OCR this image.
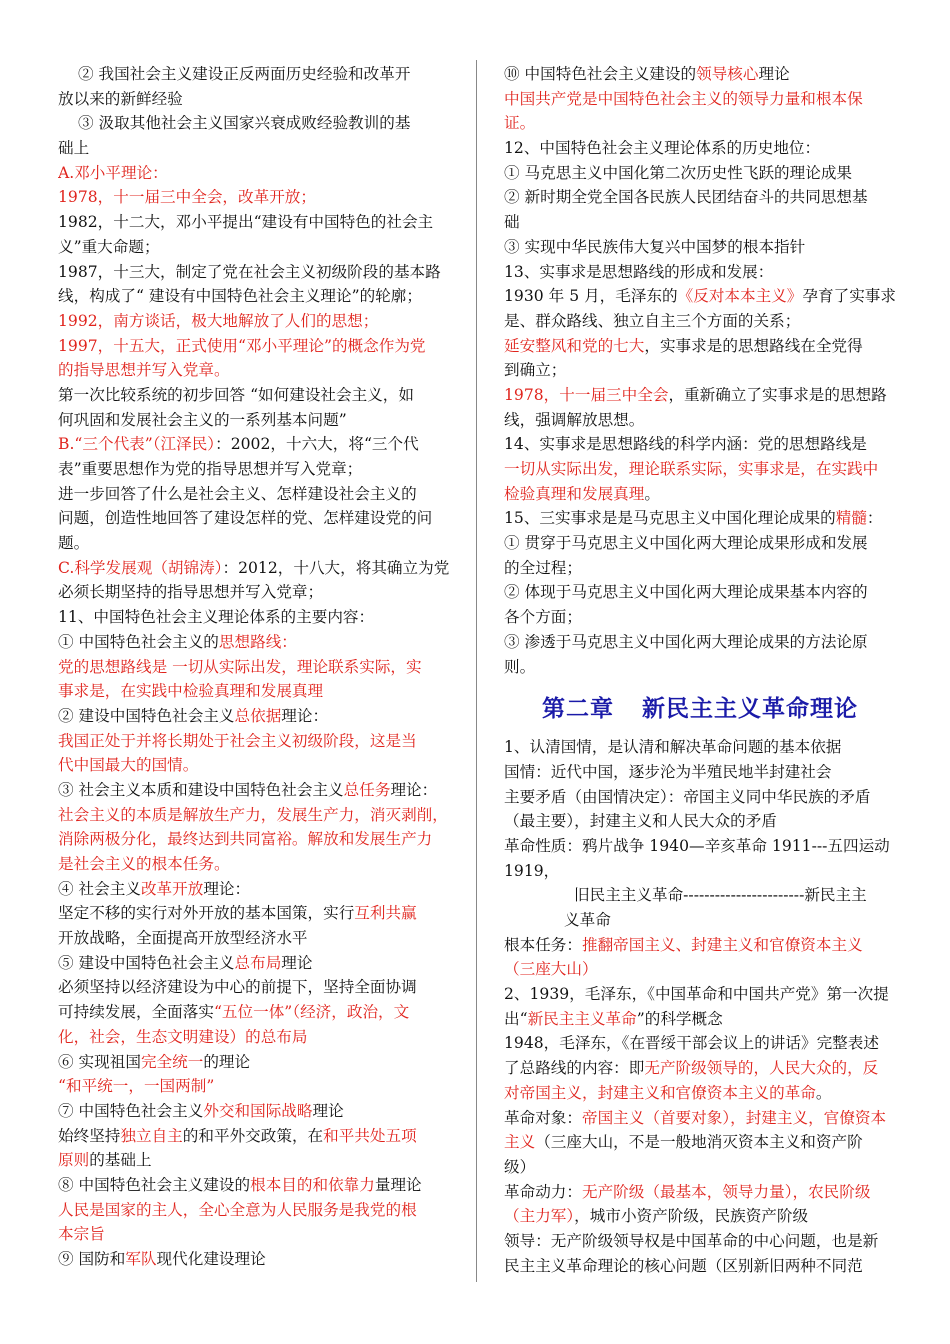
② 我国社会主义建设正反两面历史经验和改革开
放以来的新鲜经验
③ 汲取其他社会主义国家兴衰成败经验教训的基
础上
A.邓小平理论：
1978，十一届三中全会，改革开放；
1982，十二大，邓小平提出“建设有中国特色的社会主
义”重大命题；
1987，十三大，制定了党在社会主义初级阶段的基本路
线，构成了“ 建设有中国特色社会主义理论”的轮廓；
1992，南方谈话，极大地解放了人们的思想；
1997，十五大，正式使用“邓小平理论”的概念作为党
的指导思想并写入党章。
第一次比较系统的初步回答 “如何建设社会主义，如
何巩固和发展社会主义的一系列基本问题”
B.“三个代表”（江泽民）：2002，十六大，将“三个代
表”重要思想作为党的指导思想并写入党章；
进一步回答了什么是社会主义、怎样建设社会主义的
问题，创造性地回答了建设怎样的党、怎样建设党的问
题。
C.科学发展观（胡锦涛）：2012，十八大，将其确立为党
必须长期坚持的指导思想并写入党章；
11、中国特色社会主义理论体系的主要内容：
① 中国特色社会主义的思想路线：
党的思想路线是 一切从实际出发，理论联系实际，实
事求是，在实践中检验真理和发展真理
② 建设中国特色社会主义总依据理论：
我国正处于并将长期处于社会主义初级阶段，这是当
代中国最大的国情。
③ 社会主义本质和建设中国特色社会主义总任务理论：
社会主义的本质是解放生产力，发展生产力，消灭剥削，
消除两极分化，最终达到共同富裕。解放和发展生产力
是社会主义的根本任务。
④ 社会主义改革开放理论：
坚定不移的实行对外开放的基本国策，实行互利共赢
开放战略，全面提高开放型经济水平
⑤ 建设中国特色社会主义总布局理论
必须坚持以经济建设为中心的前提下，坚持全面协调
可持续发展，全面落实“五位一体”（经济，政治，文
化，社会，生态文明建设）的总布局
⑥ 实现祖国完全统一的理论
“和平统一，一国两制”
⑦ 中国特色社会主义外交和国际战略理论
始终坚持独立自主的和平外交政策，在和平共处五项
原则的基础上
⑧ 中国特色社会主义建设的根本目的和依靠力量理论
人民是国家的主人，全心全意为人民服务是我党的根
本宗旨
⑨ 国防和军队现代化建设理论
⑩ 中国特色社会主义建设的领导核心理论
中国共产党是中国特色社会主义的领导力量和根本保
证。
12、中国特色社会主义理论体系的历史地位：
① 马克思主义中国化第二次历史性飞跃的理论成果
② 新时期全党全国各民族人民团结奋斗的共同思想基
础
③ 实现中华民族伟大复兴中国梦的根本指针
13、实事求是思想路线的形成和发展：
1930 年 5 月，毛泽东的《反对本本主义》孕育了实事求
是、群众路线、独立自主三个方面的关系；
延安整风和党的七大，实事求是的思想路线在全党得
到确立；
1978，十一届三中全会，重新确立了实事求是的思想路
线，强调解放思想。
14、实事求是思想路线的科学内涵：党的思想路线是
一切从实际出发，理论联系实际，实事求是，在实践中
检验真理和发展真理。
15、三实事求是是马克思主义中国化理论成果的精髓：
① 贯穿于马克思主义中国化两大理论成果形成和发展
的全过程；
② 体现于马克思主义中国化两大理论成果基本内容的
各个方面；
③ 渗透于马克思主义中国化两大理论成果的方法论原
则。
第二章 新民主主义革命理论
1、认清国情，是认清和解决革命问题的基本依据
国情：近代中国，逐步沦为半殖民地半封建社会
主要矛盾（由国情决定）：帝国主义同中华民族的矛盾
（最主要），封建主义和人民大众的矛盾
革命性质：鸦片战争 1940—辛亥革命 1911---五四运动
1919，
旧民主主义革命-----------------------新民主主
义革命
根本任务：推翻帝国主义、封建主义和官僚资本主义
（三座大山）
2、1939，毛泽东，《中国革命和中国共产党》第一次提
出“新民主主义革命”的科学概念
1948，毛泽东，《在晋绥干部会议上的讲话》完整表述
了总路线的内容：即无产阶级领导的，人民大众的，反
对帝国主义，封建主义和官僚资本主义的革命。
革命对象：帝国主义（首要对象），封建主义，官僚资本
主义（三座大山，不是一般地消灭资本主义和资产阶
级）
革命动力：无产阶级（最基本，领导力量），农民阶级
（主力军），城市小资产阶级，民族资产阶级
领导：无产阶级领导权是中国革命的中心问题，也是新
民主主义革命理论的核心问题（区别新旧两种不同范
